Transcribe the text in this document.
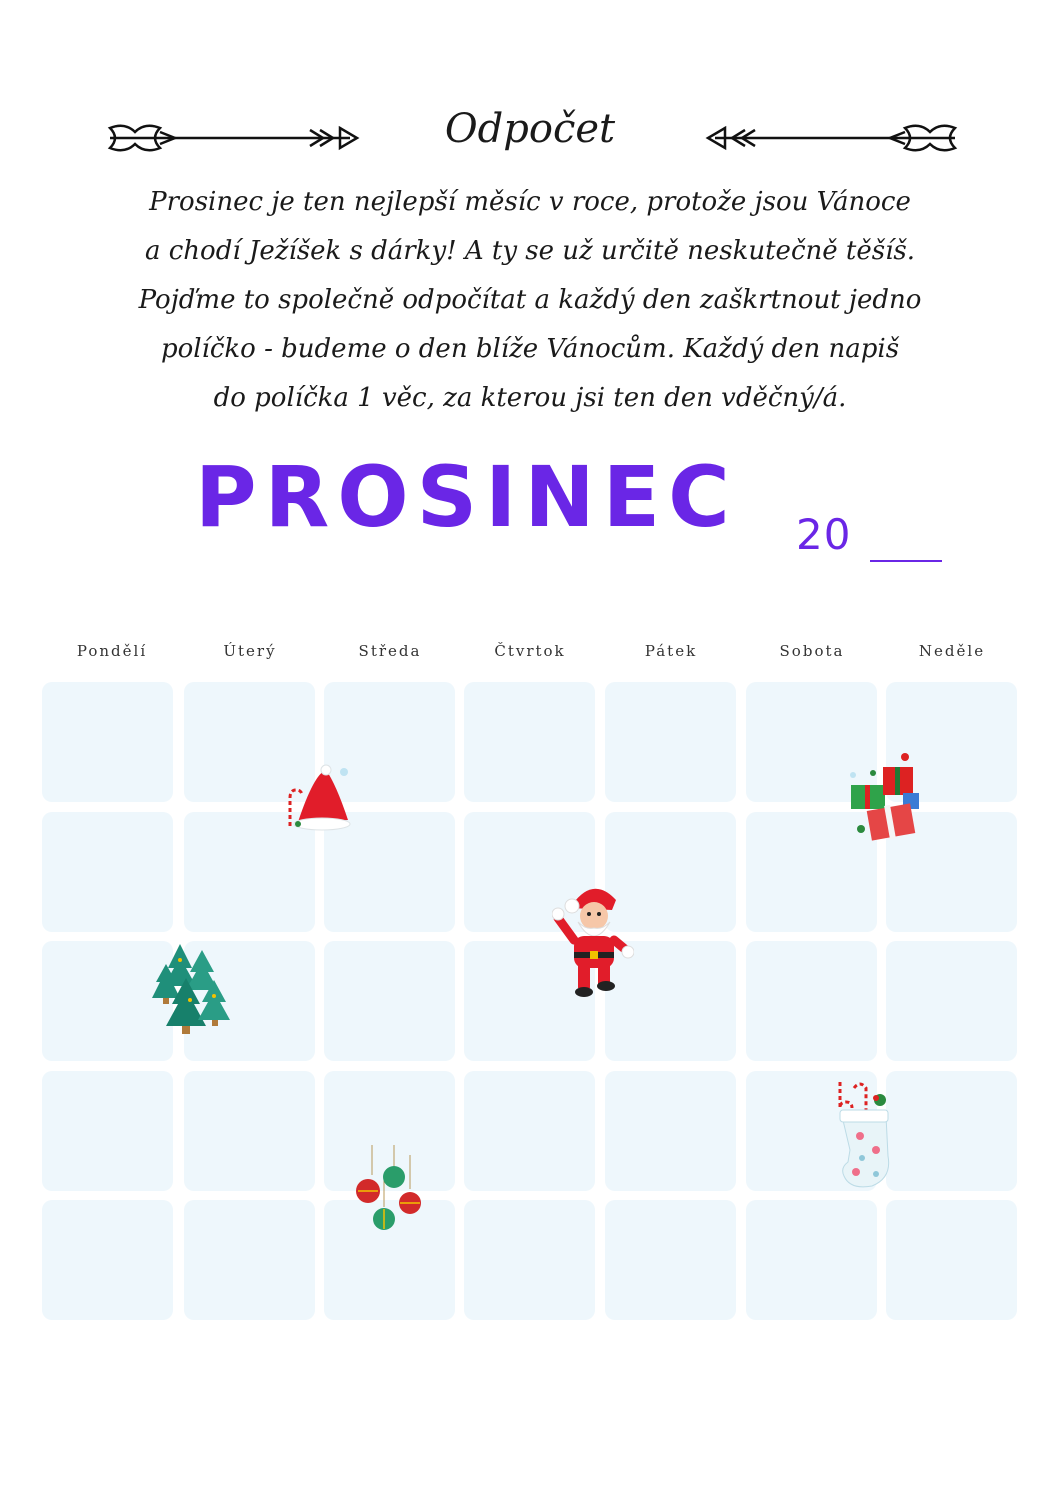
Odpočet
Prosinec je ten nejlepší měsíc v roce, protože jsou Vánoce
a chodí Ježíšek s dárky! A ty se už určitě neskutečně těšíš.
Pojďme to společně odpočítat a každý den zaškrtnout jedno
políčko - budeme o den blíže Vánocům. Každý den napiš
do políčka 1 věc, za kterou jsi ten den vděčný/á.
PROSINEC 20
Pondělí	Úterý	Středa	Čtvrtok	Pátek	Sobota	Neděle
